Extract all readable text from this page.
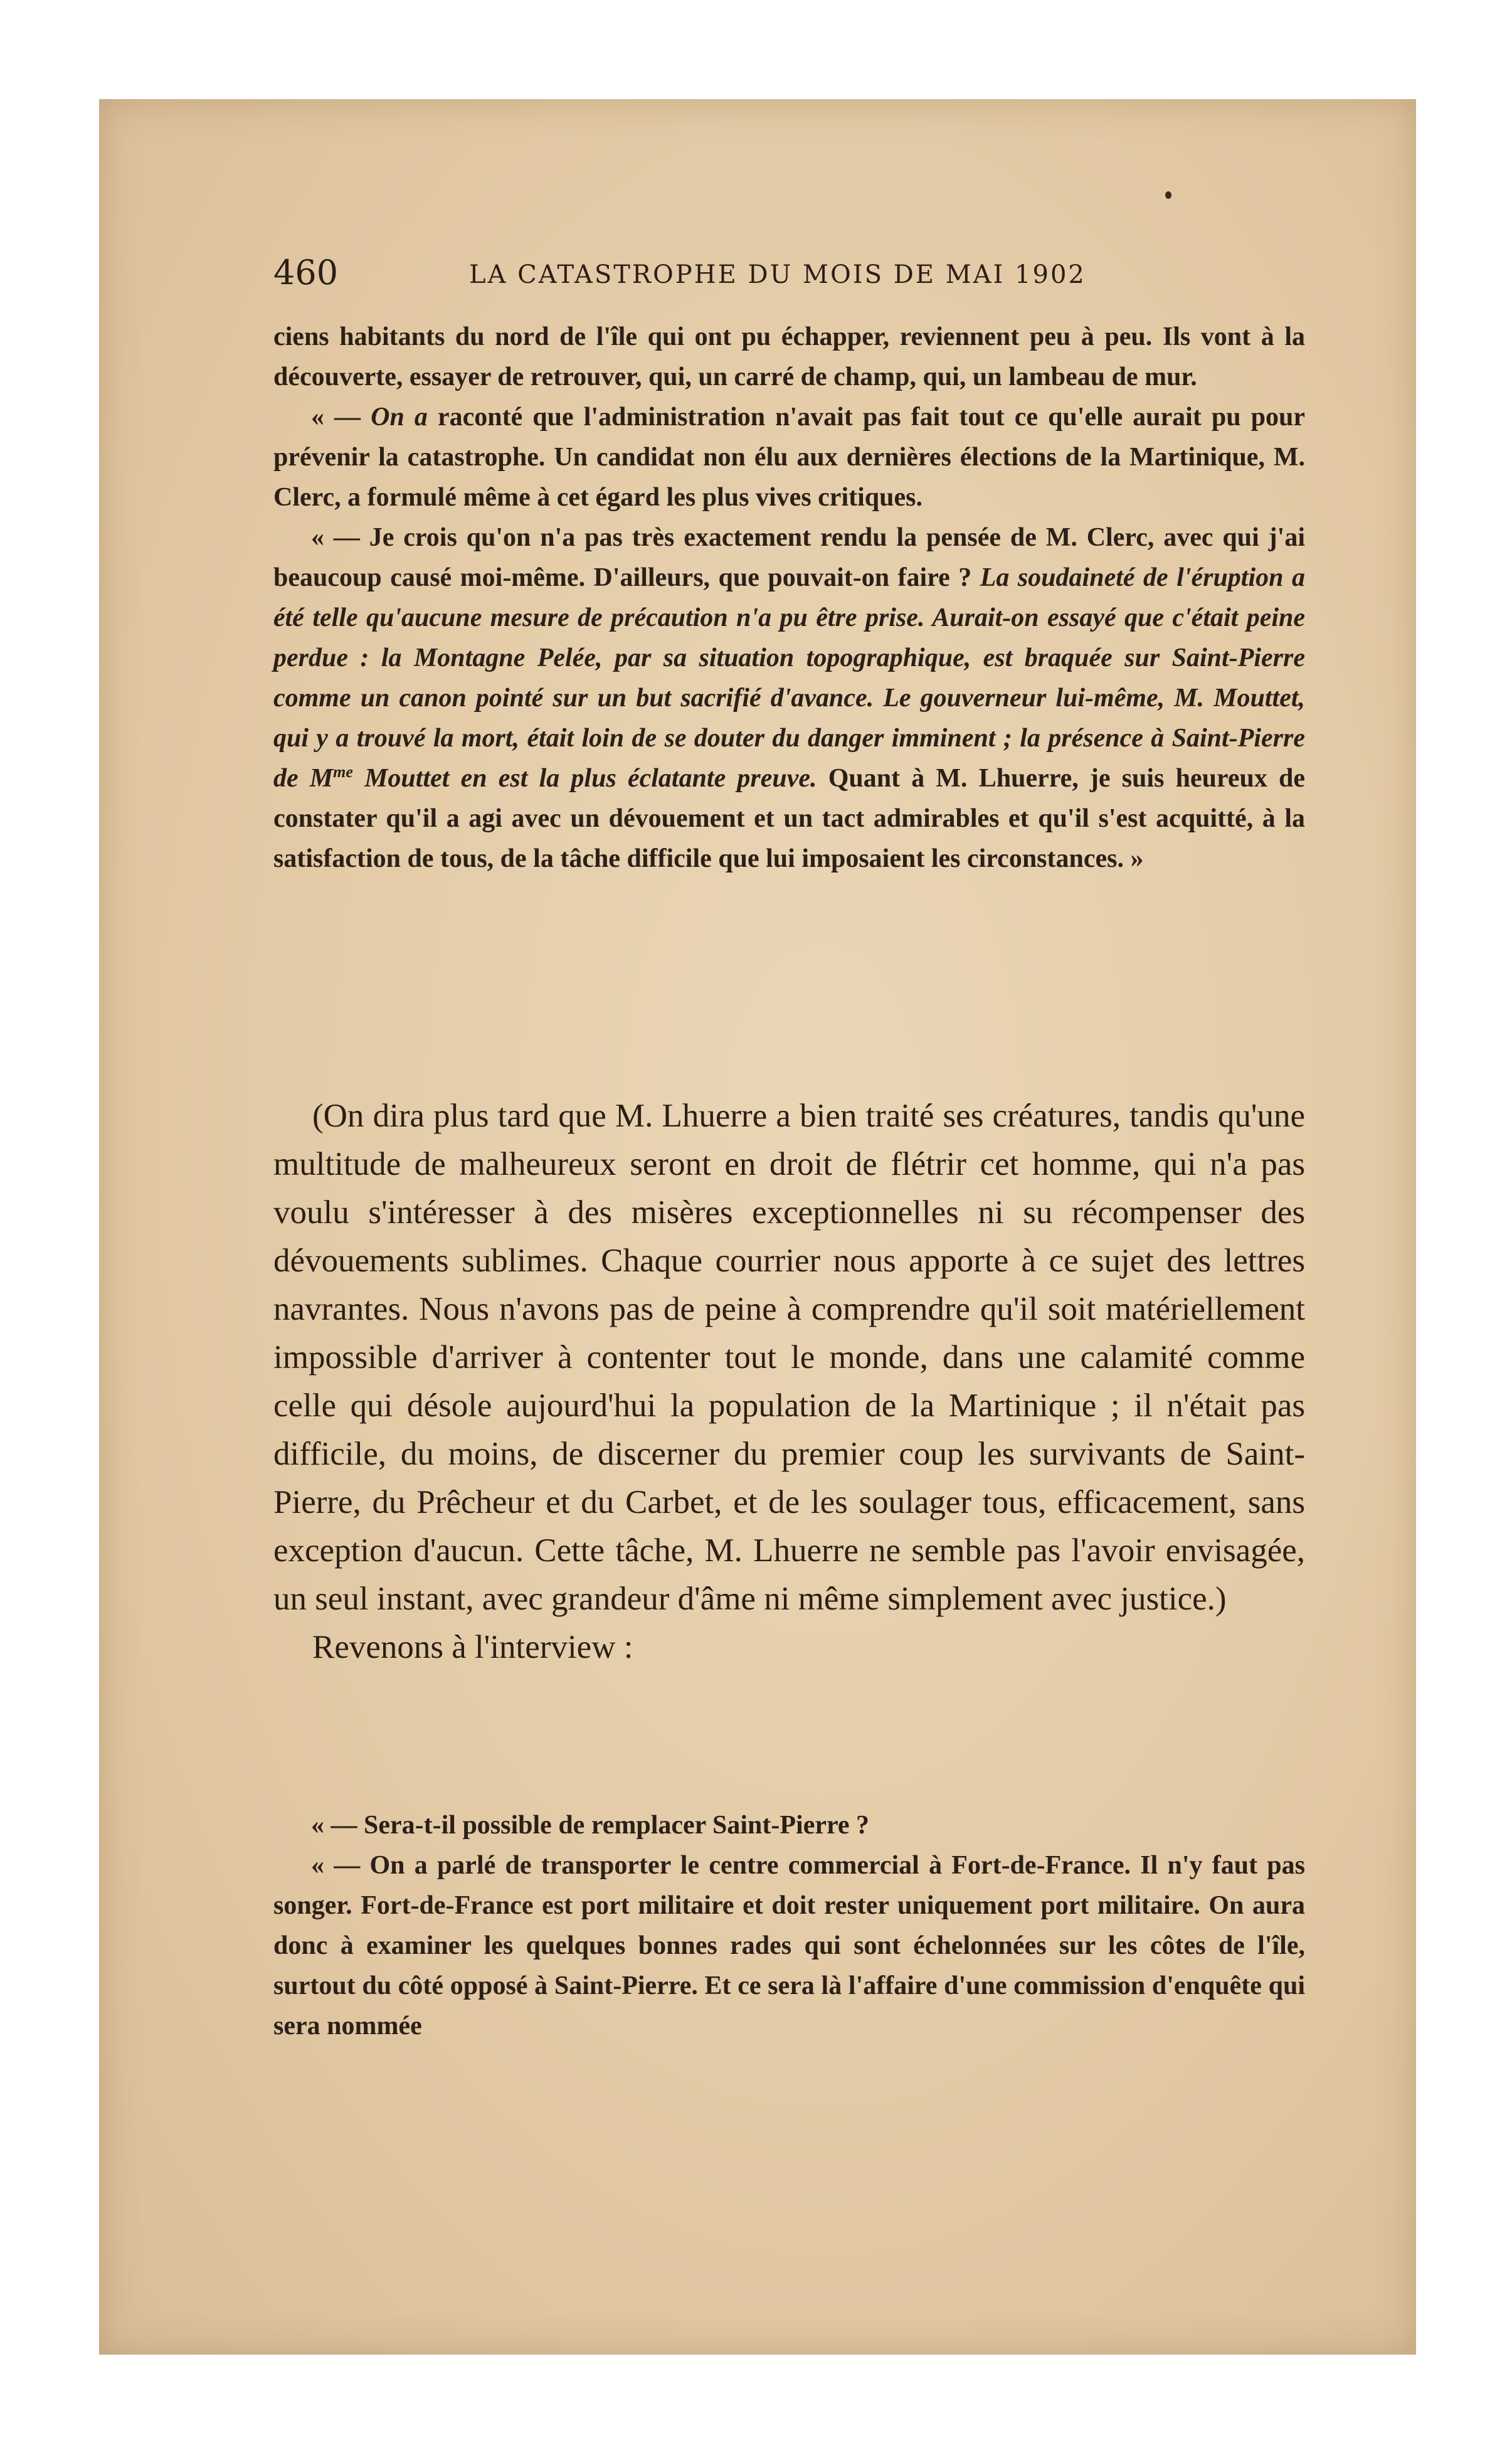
460	LA CATASTROPHE DU MOIS DE MAI 1902

ciens habitants du nord de l'île qui ont pu échapper, reviennent peu à peu. Ils vont à la découverte, essayer de retrouver, qui, un carré de champ, qui, un lambeau de mur.

« — On a raconté que l'administration n'avait pas fait tout ce qu'elle aurait pu pour prévenir la catastrophe. Un candidat non élu aux dernières élections de la Martinique, M. Clerc, a formulé même à cet égard les plus vives critiques.

« — Je crois qu'on n'a pas très exactement rendu la pensée de M. Clerc, avec qui j'ai beaucoup causé moi-même. D'ailleurs, que pouvait-on faire ? La soudaineté de l'éruption a été telle qu'aucune mesure de précaution n'a pu être prise. Aurait-on essayé que c'était peine perdue : la Montagne Pelée, par sa situation topographique, est braquée sur Saint-Pierre comme un canon pointé sur un but sacrifié d'avance. Le gouverneur lui-même, M. Mouttet, qui y a trouvé la mort, était loin de se douter du danger imminent ; la présence à Saint-Pierre de $M^{me}$ Mouttet en est la plus éclatante preuve. Quant à M. Lhuerre, je suis heureux de constater qu'il a agi avec un dévouement et un tact admirables et qu'il s'est acquitté, à la satisfaction de tous, de la tâche difficile que lui imposaient les circonstances. »

(On dira plus tard que M. Lhuerre a bien traité ses créatures, tandis qu'une multitude de malheureux seront en droit de flétrir cet homme, qui n'a pas voulu s'intéresser à des misères exceptionnelles ni su récompenser des dévouements sublimes. Chaque courrier nous apporte à ce sujet des lettres navrantes. Nous n'avons pas de peine à comprendre qu'il soit matériellement impossible d'arriver à contenter tout le monde, dans une calamité comme celle qui désole aujourd'hui la population de la Martinique ; il n'était pas difficile, du moins, de discerner du premier coup les survivants de Saint-Pierre, du Prêcheur et du Carbet, et de les soulager tous, efficacement, sans exception d'aucun. Cette tâche, M. Lhuerre ne semble pas l'avoir envisagée, un seul instant, avec grandeur d'âme ni même simplement avec justice.)

Revenons à l'interview :

« — Sera-t-il possible de remplacer Saint-Pierre ?

« — On a parlé de transporter le centre commercial à Fort-de-France. Il n'y faut pas songer. Fort-de-France est port militaire et doit rester uniquement port militaire. On aura donc à examiner les quelques bonnes rades qui sont échelonnées sur les côtes de l'île, surtout du côté opposé à Saint-Pierre. Et ce sera là l'affaire d'une commission d'enquête qui sera nommée
